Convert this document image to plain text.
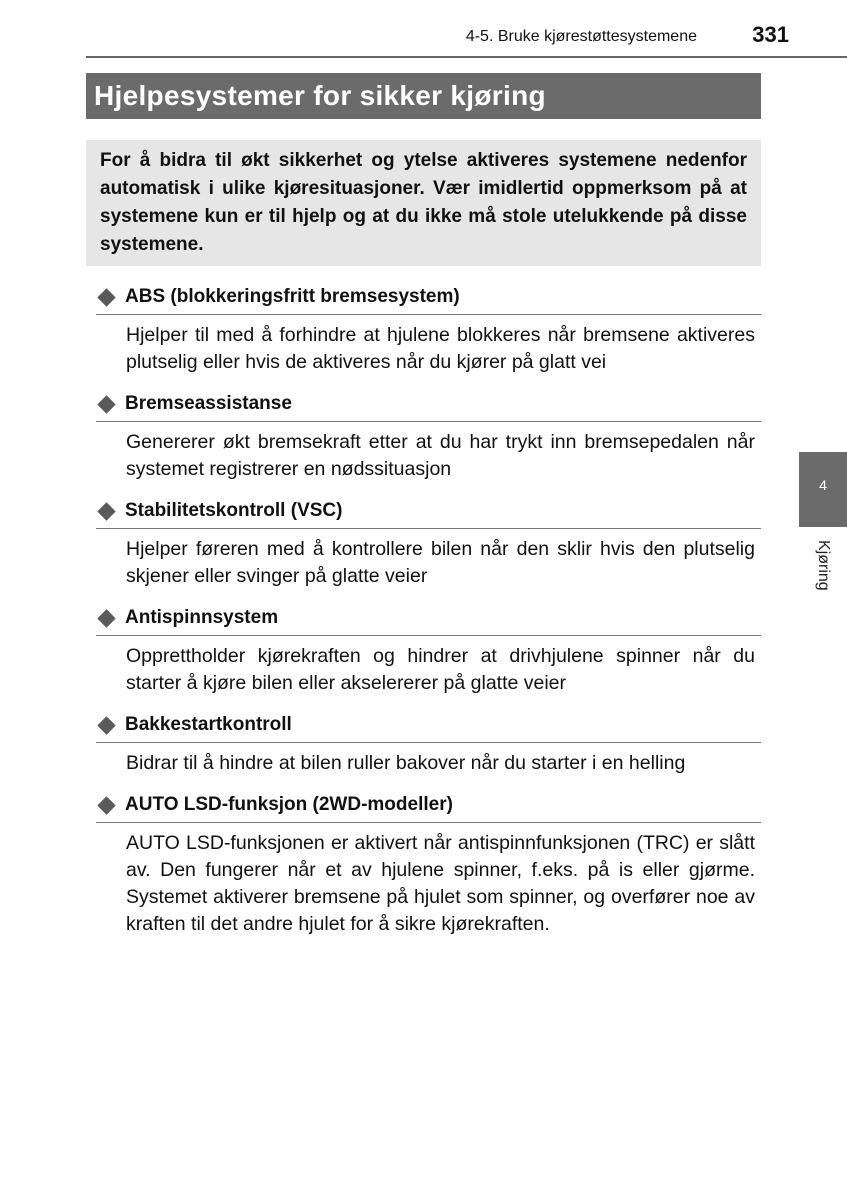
4-5. Bruke kjørestøttesystemene	331
Hjelpesystemer for sikker kjøring

For å bidra til økt sikkerhet og ytelse aktiveres systemene nedenfor automatisk i ulike kjøresituasjoner. Vær imidlertid oppmerksom på at systemene kun er til hjelp og at du ikke må stole utelukkende på disse systemene.

ABS (blokkeringsfritt bremsesystem)

Hjelper til med å forhindre at hjulene blokkeres når bremsene aktiveres plutselig eller hvis de aktiveres når du kjører på glatt vei

Bremseassistanse

Genererer økt bremsekraft etter at du har trykt inn bremsepedalen når systemet registrerer en nødssituasjon

Stabilitetskontroll (VSC)

Hjelper føreren med å kontrollere bilen når den sklir hvis den plutselig skjener eller svinger på glatte veier

Antispinnsystem

Opprettholder kjørekraften og hindrer at drivhjulene spinner når du starter å kjøre bilen eller akselererer på glatte veier

Bakkestartkontroll

Bidrar til å hindre at bilen ruller bakover når du starter i en helling

AUTO LSD-funksjon (2WD-modeller)

AUTO LSD-funksjonen er aktivert når antispinnfunksjonen (TRC) er slått av. Den fungerer når et av hjulene spinner, f.eks. på is eller gjørme. Systemet aktiverer bremsene på hjulet som spinner, og overfører noe av kraften til det andre hjulet for å sikre kjørekraften.

4
Kjøring
